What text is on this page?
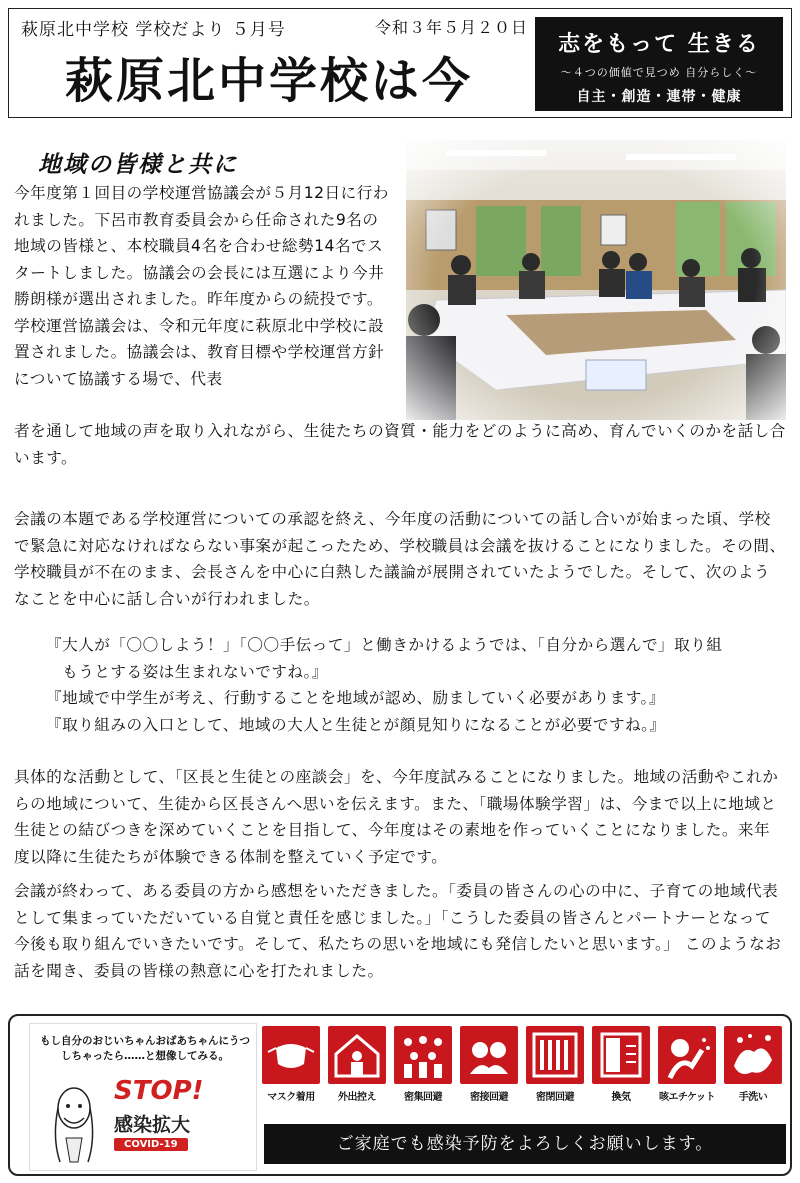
萩原北中学校 学校だより ５月号	令和３年５月２０日
萩原北中学校は今
志をもって 生きる
～４つの価値で見つめ 自分らしく～
自主・創造・連帯・健康
地域の皆様と共に
今年度第１回目の学校運営協議会が５月12日に行われました。下呂市教育委員会から任命された9名の地域の皆様と、本校職員4名を合わせ総勢14名でスタートしました。協議会の会長には互選により今井勝朗様が選出されました。昨年度からの続投です。　学校運営協議会は、令和元年度に萩原北中学校に設置されました。協議会は、教育目標や学校運営方針について協議する場で、代表
者を通して地域の声を取り入れながら、生徒たちの資質・能力をどのように高め、育んでいくのかを話し合います。
会議の本題である学校運営についての承認を終え、今年度の活動についての話し合いが始まった頃、学校で緊急に対応なければならない事案が起こったため、学校職員は会議を抜けることになりました。その間、学校職員が不在のまま、会長さんを中心に白熱した議論が展開されていたようでした。そして、次のようなことを中心に話し合いが行われました。
『大人が「〇〇しよう！」「〇〇手伝って」と働きかけるようでは、「自分から選んで」取り組
　もうとする姿は生まれないですね。』
『地域で中学生が考え、行動することを地域が認め、励ましていく必要があります。』
『取り組みの入口として、地域の大人と生徒とが顔見知りになることが必要ですね。』
具体的な活動として、「区長と生徒との座談会」を、今年度試みることになりました。地域の活動やこれからの地域について、生徒から区長さんへ思いを伝えます。また、「職場体験学習」は、今まで以上に地域と生徒との結びつきを深めていくことを目指して、今年度はその素地を作っていくことになりました。来年度以降に生徒たちが体験できる体制を整えていく予定です。
会議が終わって、ある委員の方から感想をいただきました。「委員の皆さんの心の中に、子育ての地域代表として集まっていただいている自覚と責任を感じました。」「こうした委員の皆さんとパートナーとなって今後も取り組んでいきたいです。そして、私たちの思いを地域にも発信したいと思います。」 このようなお話を聞き、委員の皆様の熱意に心を打たれました。
もし自分のおじいちゃんおばあちゃんにうつしちゃったら……と想像してみる。
STOP!
感染拡大
COVID-19
マスク着用	外出控え	密集回避	密接回避	密閉回避	換気	咳エチケット	手洗い
ご家庭でも感染予防をよろしくお願いします。
